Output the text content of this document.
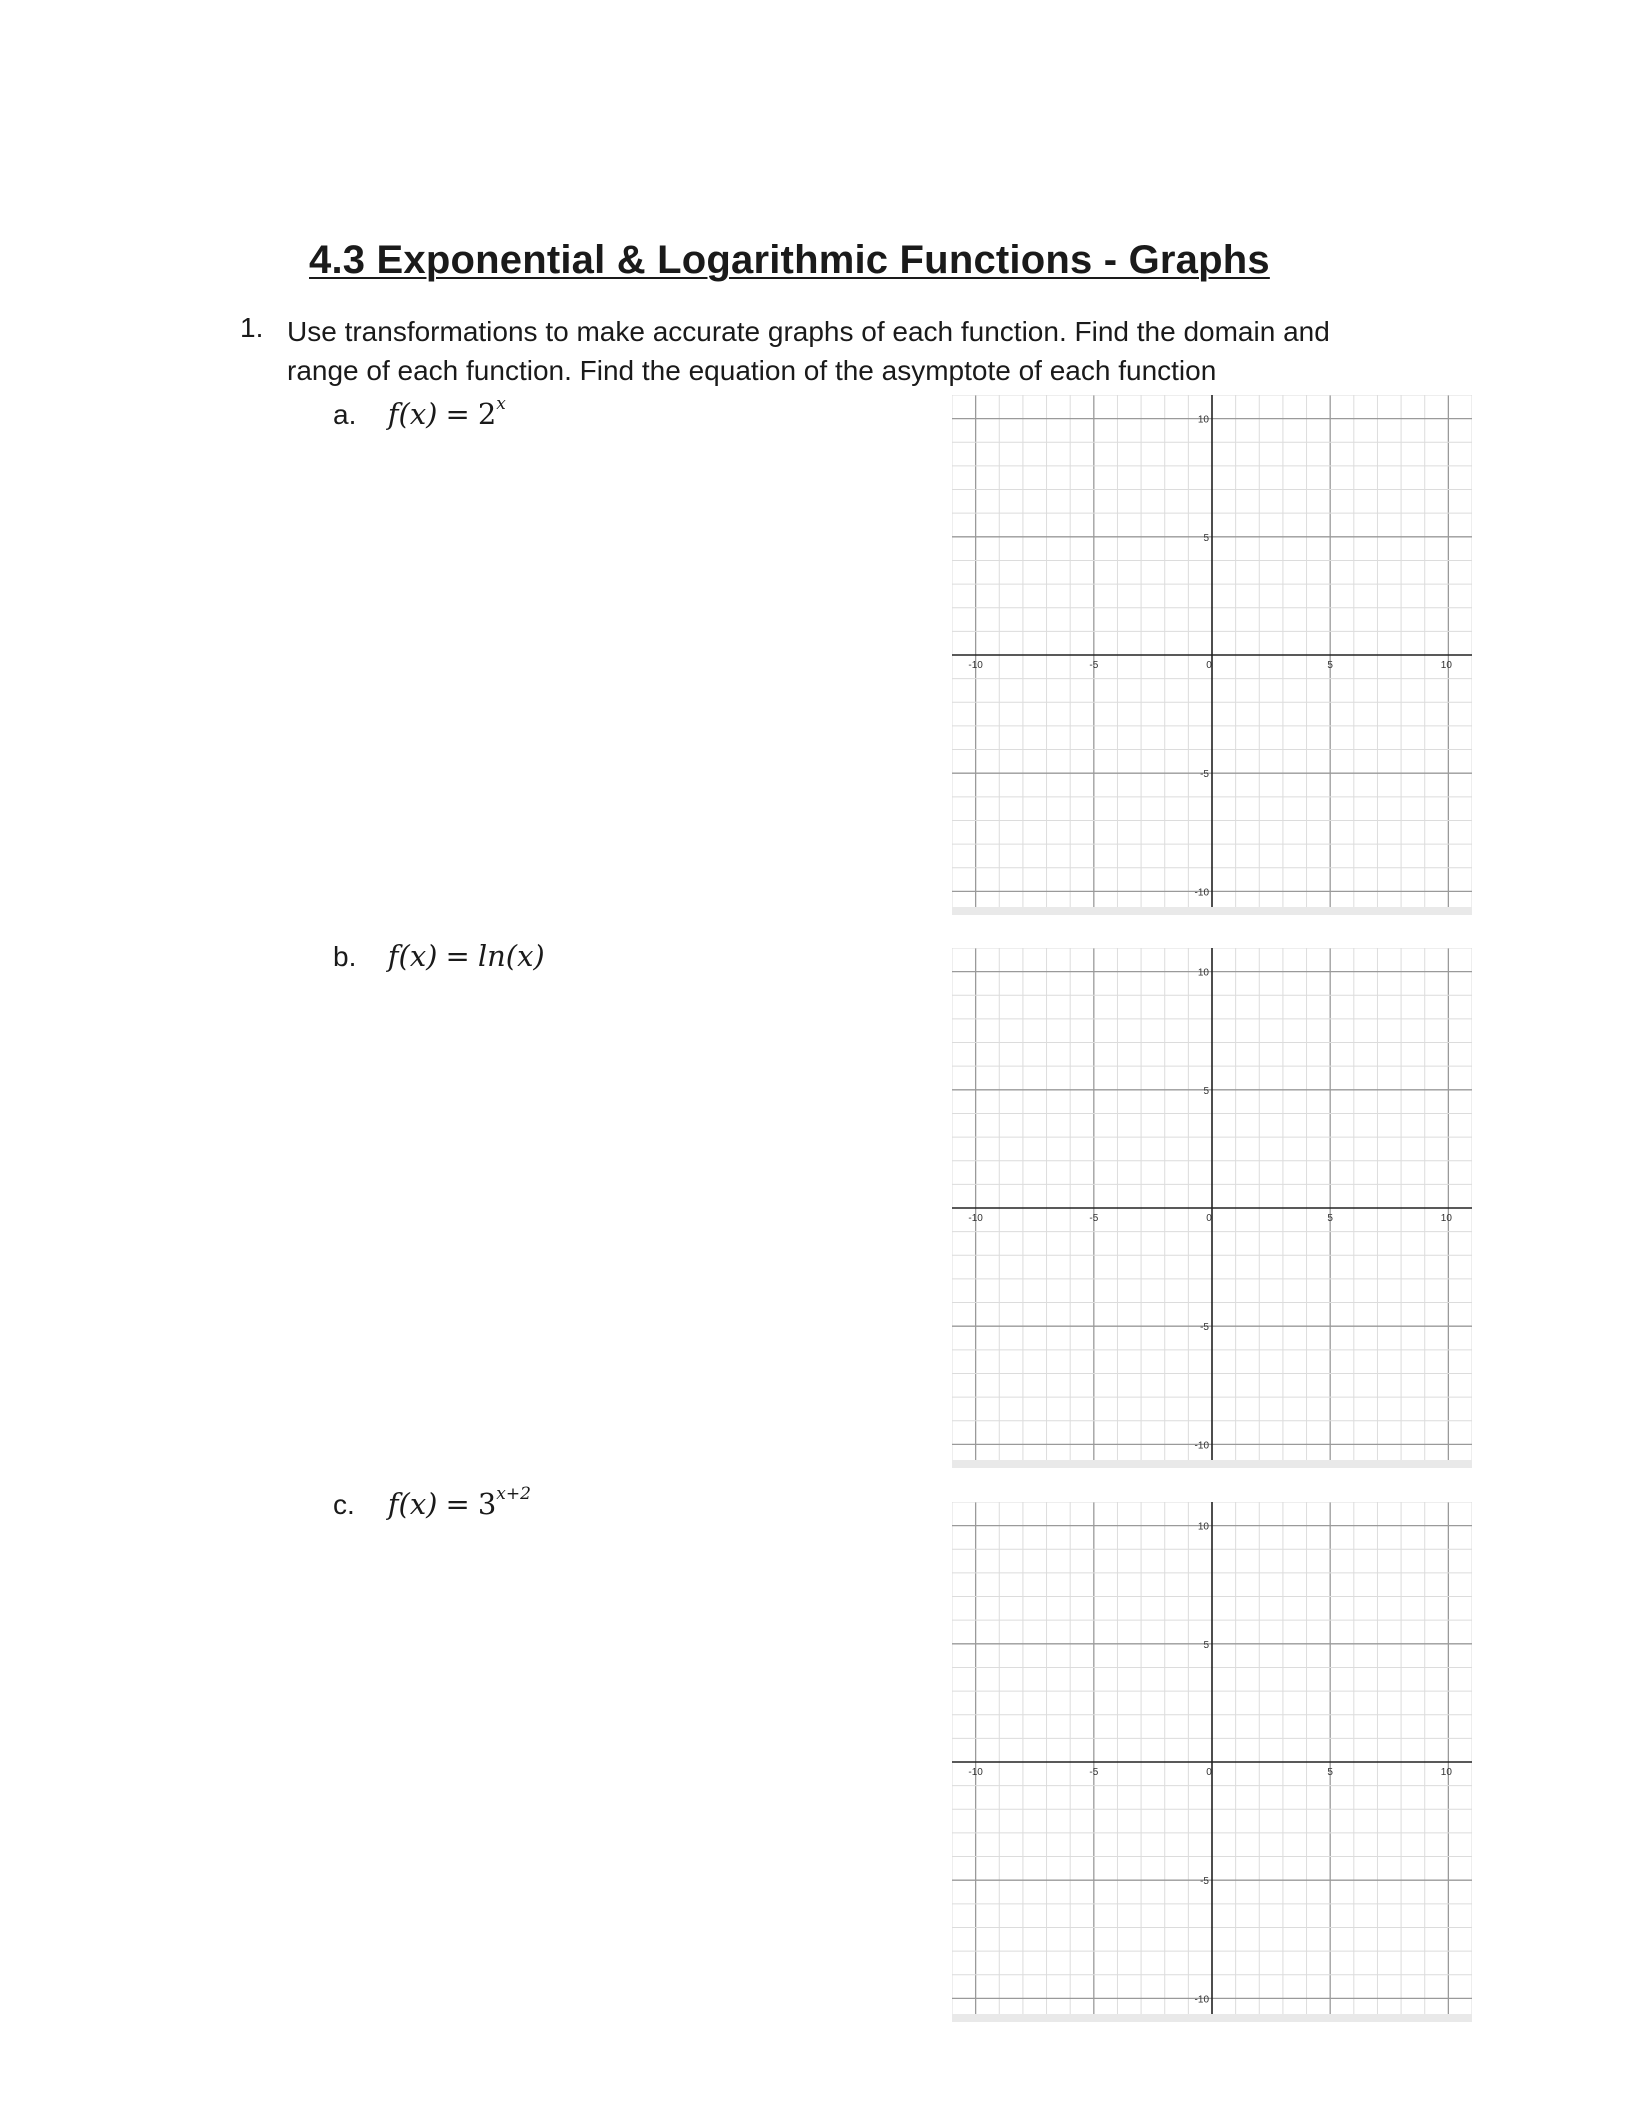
4.3 Exponential & Logarithmic Functions - Graphs
1. Use transformations to make accurate graphs of each function. Find the domain and range of each function. Find the equation of the asymptote of each function
a. $f(x) = 2^x$
b. f(x) = ln(x)
c. $f(x) = 3^{x+2}$
-10	-5	0	5	10
10
5
-5
-10
-10	-5	0	5	10
10
5
-5
-10
-10	-5	0	5	10
10
5
-5
-10
